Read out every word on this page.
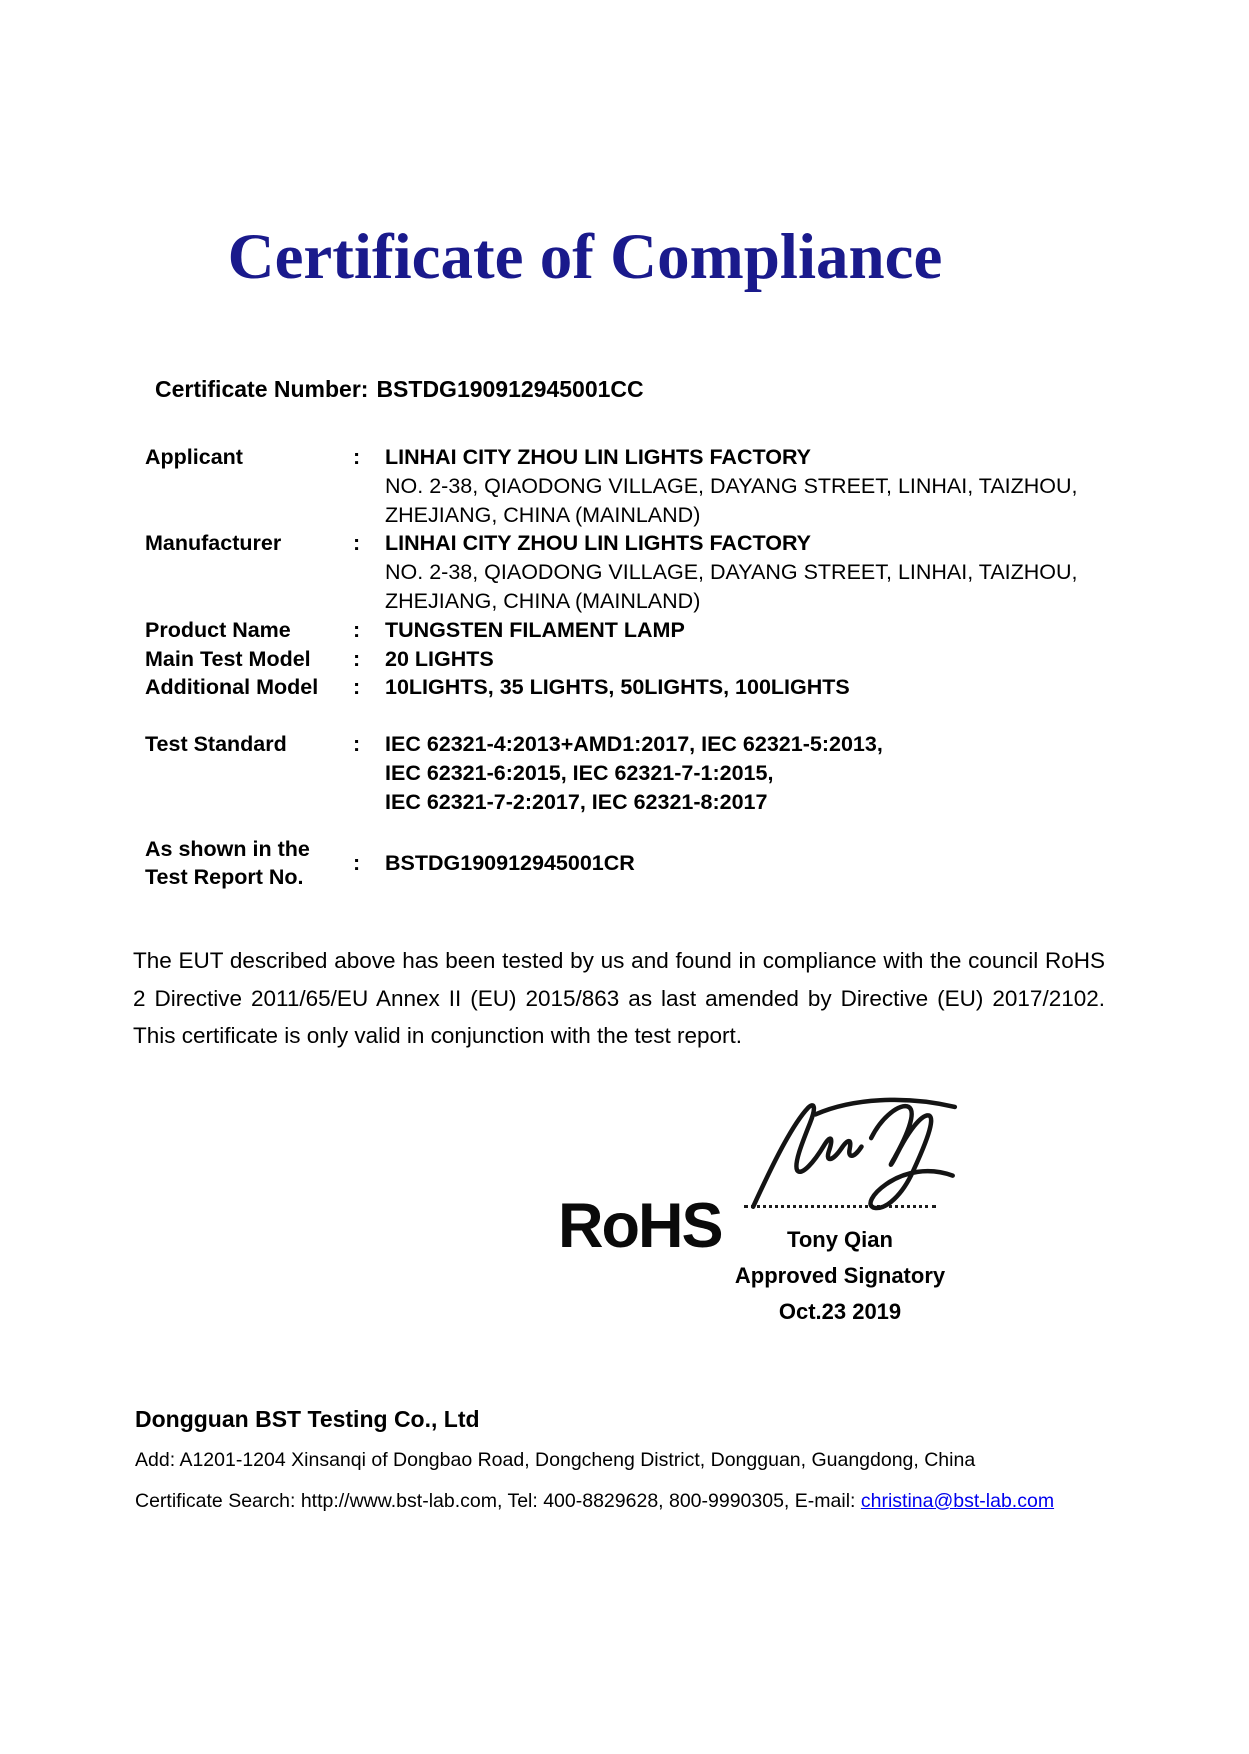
Certificate of Compliance
Certificate Number: BSTDG190912945001CC
Applicant	:	LINHAI CITY ZHOU LIN LIGHTS FACTORY
NO. 2-38, QIAODONG VILLAGE, DAYANG STREET, LINHAI, TAIZHOU,
ZHEJIANG, CHINA (MAINLAND)
Manufacturer	:	LINHAI CITY ZHOU LIN LIGHTS FACTORY
NO. 2-38, QIAODONG VILLAGE, DAYANG STREET, LINHAI, TAIZHOU,
ZHEJIANG, CHINA (MAINLAND)
Product Name	:	TUNGSTEN FILAMENT LAMP
Main Test Model	:	20 LIGHTS
Additional Model	:	10LIGHTS, 35 LIGHTS, 50LIGHTS, 100LIGHTS
Test Standard	:	IEC 62321-4:2013+AMD1:2017, IEC 62321-5:2013,
IEC 62321-6:2015, IEC 62321-7-1:2015,
IEC 62321-7-2:2017, IEC 62321-8:2017
As shown in the
Test Report No.
:	BSTDG190912945001CR

The EUT described above has been tested by us and found in compliance with the council RoHS 2 Directive 2011/65/EU Annex II (EU) 2015/863 as last amended by Directive (EU) 2017/2102. This certificate is only valid in conjunction with the test report.

RoHS	Tony Qian
Approved Signatory
Oct.23 2019
Dongguan BST Testing Co., Ltd
Add: A1201-1204 Xinsanqi of Dongbao Road, Dongcheng District, Dongguan, Guangdong, China
Certificate Search: http://www.bst-lab.com, Tel: 400-8829628, 800-9990305, E-mail: christina@bst-lab.com
